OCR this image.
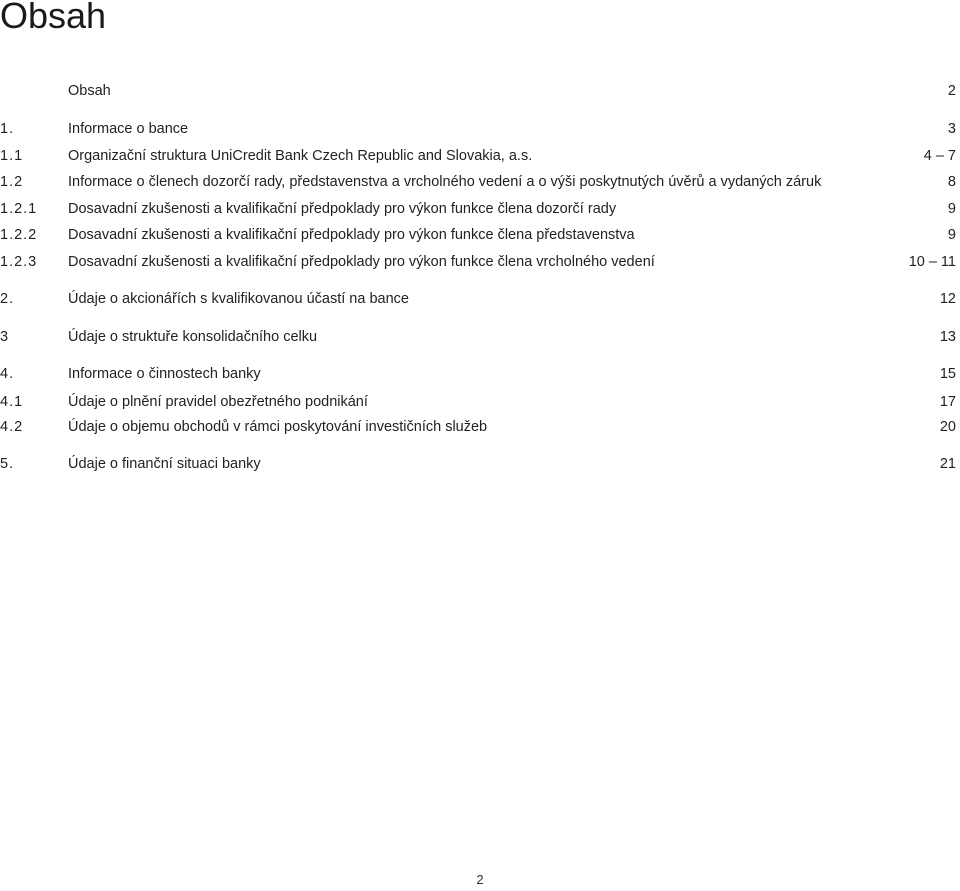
Obsah
Obsah	2
1.	Informace o bance	3
1.1	Organizační struktura UniCredit Bank Czech Republic and Slovakia, a.s.	4 – 7
1.2	Informace o členech dozorčí rady, představenstva a vrcholného vedení a o výši poskytnutých úvěrů a vydaných záruk	8
1.2.1 Dosavadní zkušenosti a kvalifikační předpoklady pro výkon funkce člena dozorčí rady	9
1.2.2 Dosavadní zkušenosti a kvalifikační předpoklady pro výkon funkce člena představenstva	9
1.2.3 Dosavadní zkušenosti a kvalifikační předpoklady pro výkon funkce člena vrcholného vedení	10 – 11
2.	Údaje o akcionářích s kvalifikovanou účastí na bance	12
3	Údaje o struktuře konsolidačního celku	13
4.	Informace o činnostech banky	15
4.1	Údaje o plnění pravidel obezřetného podnikání	17
4.2	Údaje o objemu obchodů v rámci poskytování investičních služeb	20
5.	Údaje o finanční situaci banky	21
2
